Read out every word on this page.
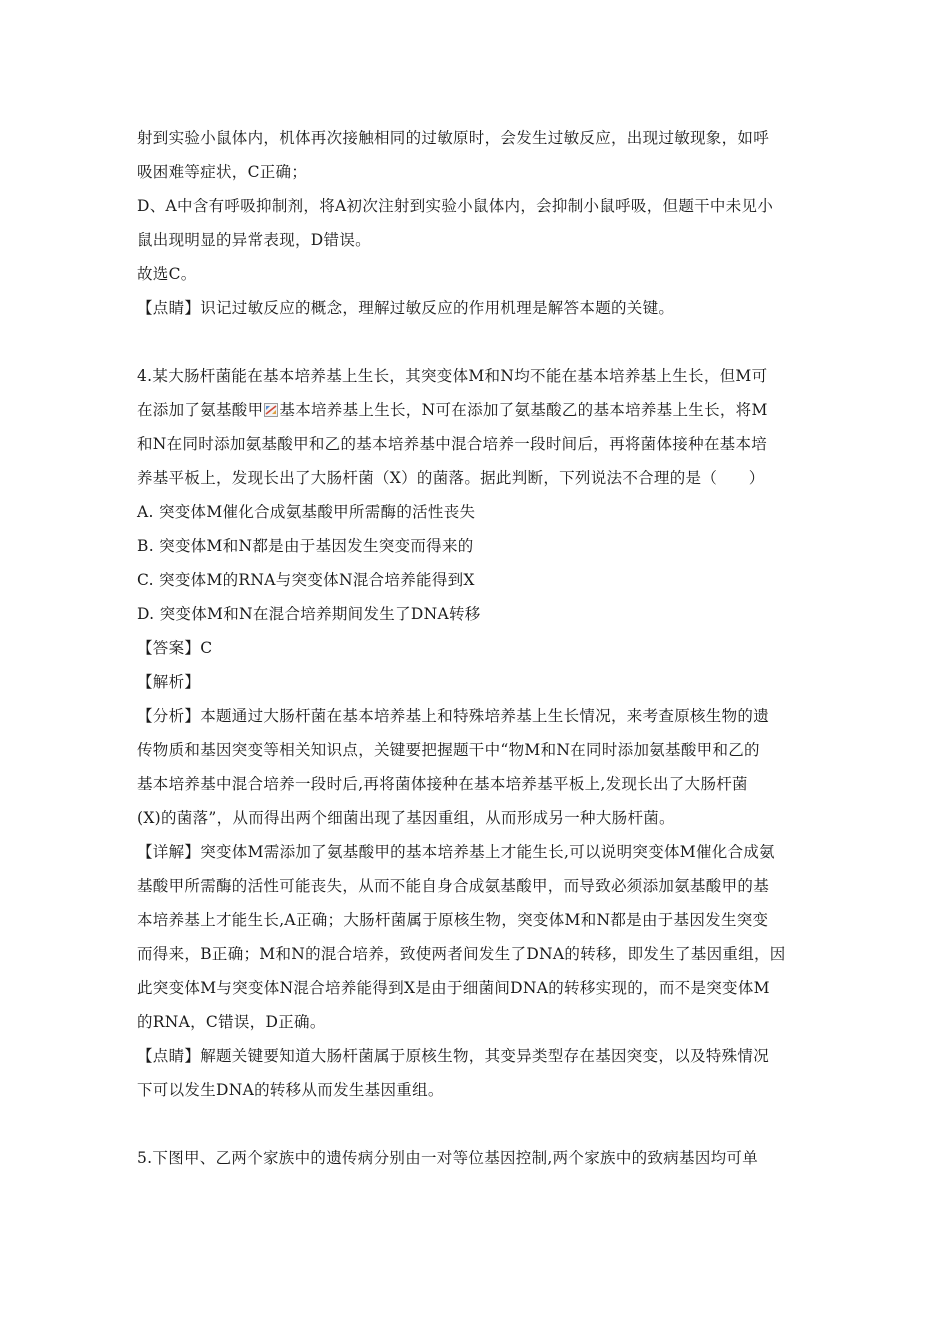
射到实验小鼠体内，机体再次接触相同的过敏原时，会发生过敏反应，出现过敏现象，如呼
吸困难等症状，C正确；
D、A中含有呼吸抑制剂，将A初次注射到实验小鼠体内，会抑制小鼠呼吸，但题干中未见小
鼠出现明显的异常表现，D错误。
故选C。
【点睛】识记过敏反应的概念，理解过敏反应的作用机理是解答本题的关键。
4.某大肠杆菌能在基本培养基上生长，其突变体M和N均不能在基本培养基上生长，但M可
在添加了氨基酸甲 基本培养基上生长，N可在添加了氨基酸乙的基本培养基上生长，将M
和N在同时添加氨基酸甲和乙的基本培养基中混合培养一段时间后，再将菌体接种在基本培
养基平板上，发现长出了大肠杆菌（X）的菌落。据此判断，下列说法不合理的是（　　）
A. 突变体M催化合成氨基酸甲所需酶的活性丧失
B. 突变体M和N都是由于基因发生突变而得来的
C. 突变体M的RNA与突变体N混合培养能得到X
D. 突变体M和N在混合培养期间发生了DNA转移
【答案】C
【解析】
【分析】本题通过大肠杆菌在基本培养基上和特殊培养基上生长情况，来考查原核生物的遗
传物质和基因突变等相关知识点，关键要把握题干中“物M和N在同时添加氨基酸甲和乙的
基本培养基中混合培养一段时后,再将菌体接种在基本培养基平板上,发现长出了大肠杆菌
(X)的菌落”，从而得出两个细菌出现了基因重组，从而形成另一种大肠杆菌。
【详解】突变体M需添加了氨基酸甲的基本培养基上才能生长,可以说明突变体M催化合成氨
基酸甲所需酶的活性可能丧失，从而不能自身合成氨基酸甲，而导致必须添加氨基酸甲的基
本培养基上才能生长,A正确；大肠杆菌属于原核生物，突变体M和N都是由于基因发生突变
而得来，B正确；M和N的混合培养，致使两者间发生了DNA的转移，即发生了基因重组，因
此突变体M与突变体N混合培养能得到X是由于细菌间DNA的转移实现的，而不是突变体M
的RNA，C错误，D正确。
【点睛】解题关键要知道大肠杆菌属于原核生物，其变异类型存在基因突变，以及特殊情况
下可以发生DNA的转移从而发生基因重组。
5.下图甲、乙两个家族中的遗传病分别由一对等位基因控制,两个家族中的致病基因均可单
